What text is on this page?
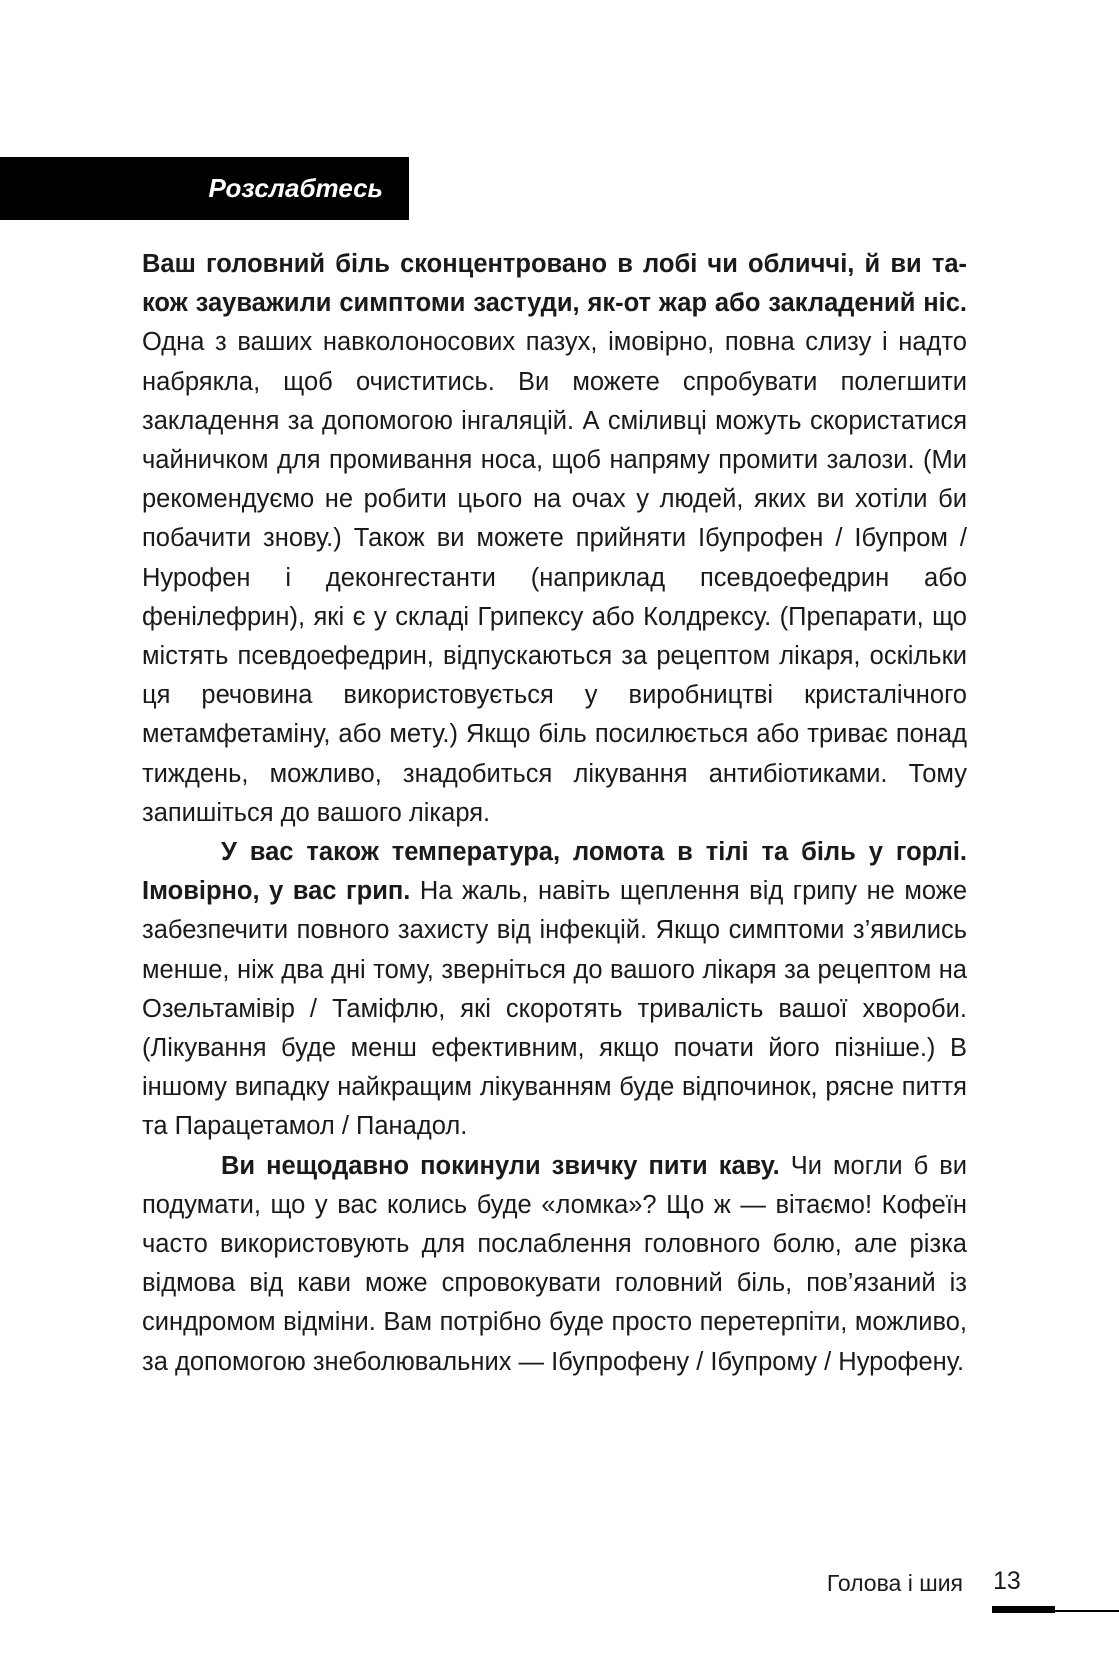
Розслабтесь

Ваш головний біль сконцентровано в лобі чи обличчі, й ви також зауважили симптоми застуди, як-от жар або закладений ніс. Одна з ваших навколоносових пазух, імовірно, повна слизу і надто набрякла, щоб очиститись. Ви можете спробувати полегшити закладення за допомогою інгаляцій. А сміливці можуть скористатися чайничком для промивання носа, щоб напряму промити залози. (Ми рекомендуємо не робити цього на очах у людей, яких ви хотіли би побачити знову.) Також ви можете прийняти Ібупрофен / Ібупром / Нурофен і деконгестанти (наприклад псевдоефедрин або фенілефрин), які є у складі Грипексу або Колдрексу. (Препарати, що містять псевдоефедрин, відпускаються за рецептом лікаря, оскільки ця речовина використовується у виробництві кристалічного метамфетаміну, або мету.) Якщо біль посилюється або триває понад тиждень, можливо, знадобиться лікування антибіотиками. Тому запишіться до вашого лікаря.

У вас також температура, ломота в тілі та біль у горлі. Імовірно, у вас грип. На жаль, навіть щеплення від грипу не може забезпечити повного захисту від інфекцій. Якщо симптоми з’явились менше, ніж два дні тому, зверніться до вашого лікаря за рецептом на Озельтамівір / Таміфлю, які скоротять тривалість вашої хвороби. (Лікування буде менш ефективним, якщо почати його пізніше.) В іншому випадку найкращим лікуванням буде відпочинок, рясне пиття та Парацетамол / Панадол.

Ви нещодавно покинули звичку пити каву. Чи могли б ви подумати, що у вас колись буде «ломка»? Що ж — вітаємо! Кофеїн часто використовують для послаблення головного болю, але різка відмова від кави може спровокувати головний біль, пов’язаний із синдромом відміни. Вам потрібно буде просто перетерпіти, можливо, за допомогою знеболювальних — Ібупрофену / Ібупрому / Нурофену.

Голова і шия 13
